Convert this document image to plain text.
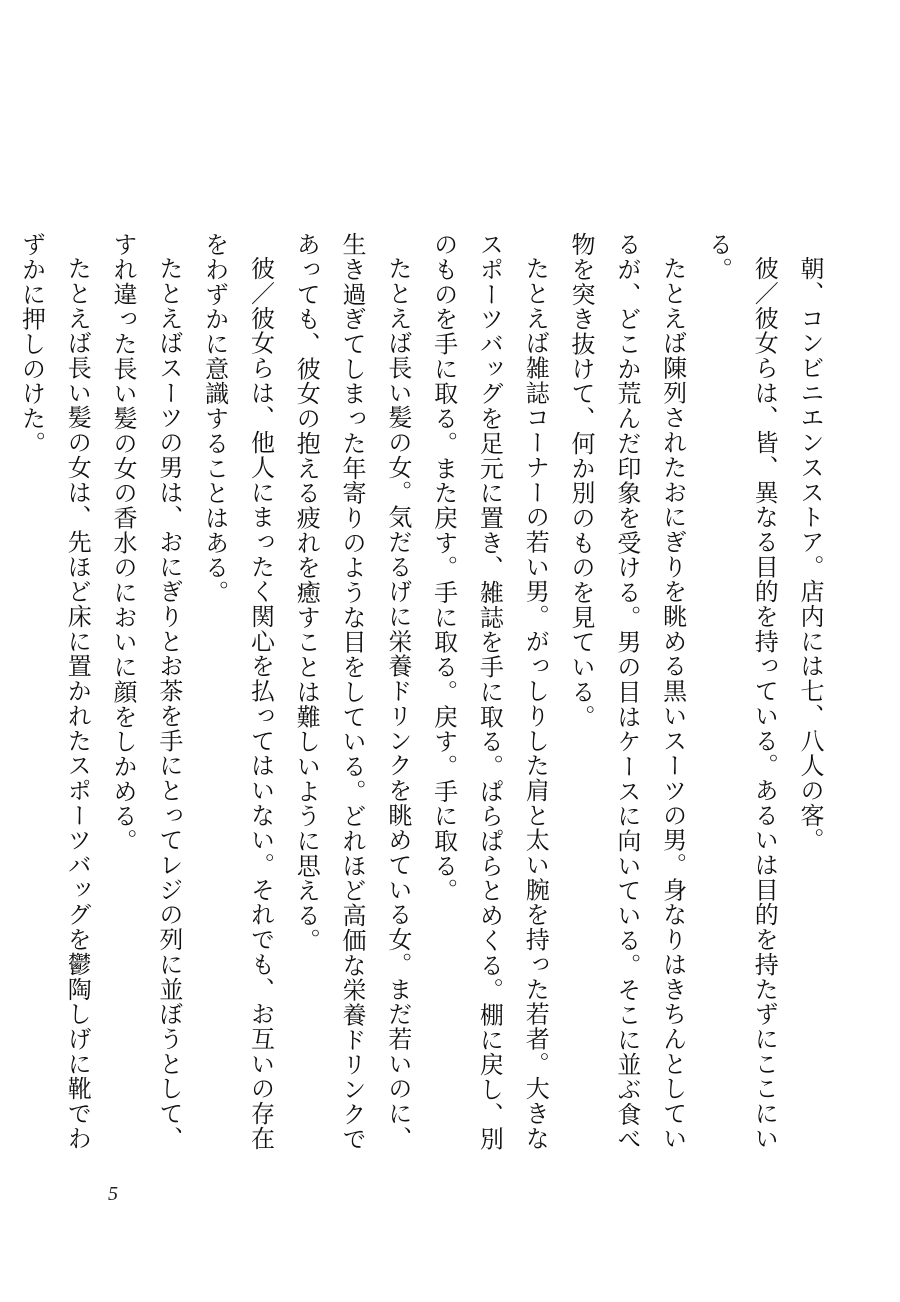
朝、コンビニエンスストア。店内には七、八人の客。

彼／彼女らは、皆、異なる目的を持っている。あるいは目的を持たずにここにいる。

たとえば陳列されたおにぎりを眺める黒いスーツの男。身なりはきちんとしているが、どこか荒んだ印象を受ける。男の目はケースに向いている。そこに並ぶ食べ物を突き抜けて、何か別のものを見ている。

たとえば雑誌コーナーの若い男。がっしりした肩と太い腕を持った若者。大きなスポーツバッグを足元に置き、雑誌を手に取る。ぱらぱらとめくる。棚に戻し、別のものを手に取る。また戻す。手に取る。戻す。手に取る。

たとえば長い髪の女。気だるげに栄養ドリンクを眺めている女。まだ若いのに、生き過ぎてしまった年寄りのような目をしている。どれほど高価な栄養ドリンクであっても、彼女の抱える疲れを癒すことは難しいように思える。

彼／彼女らは、他人にまったく関心を払ってはいない。それでも、お互いの存在をわずかに意識することはある。

たとえばスーツの男は、おにぎりとお茶を手にとってレジの列に並ぼうとして、すれ違った長い髪の女の香水のにおいに顔をしかめる。

たとえば長い髪の女は、先ほど床に置かれたスポーツバッグを鬱陶しげに靴でわずかに押しのけた。

5
